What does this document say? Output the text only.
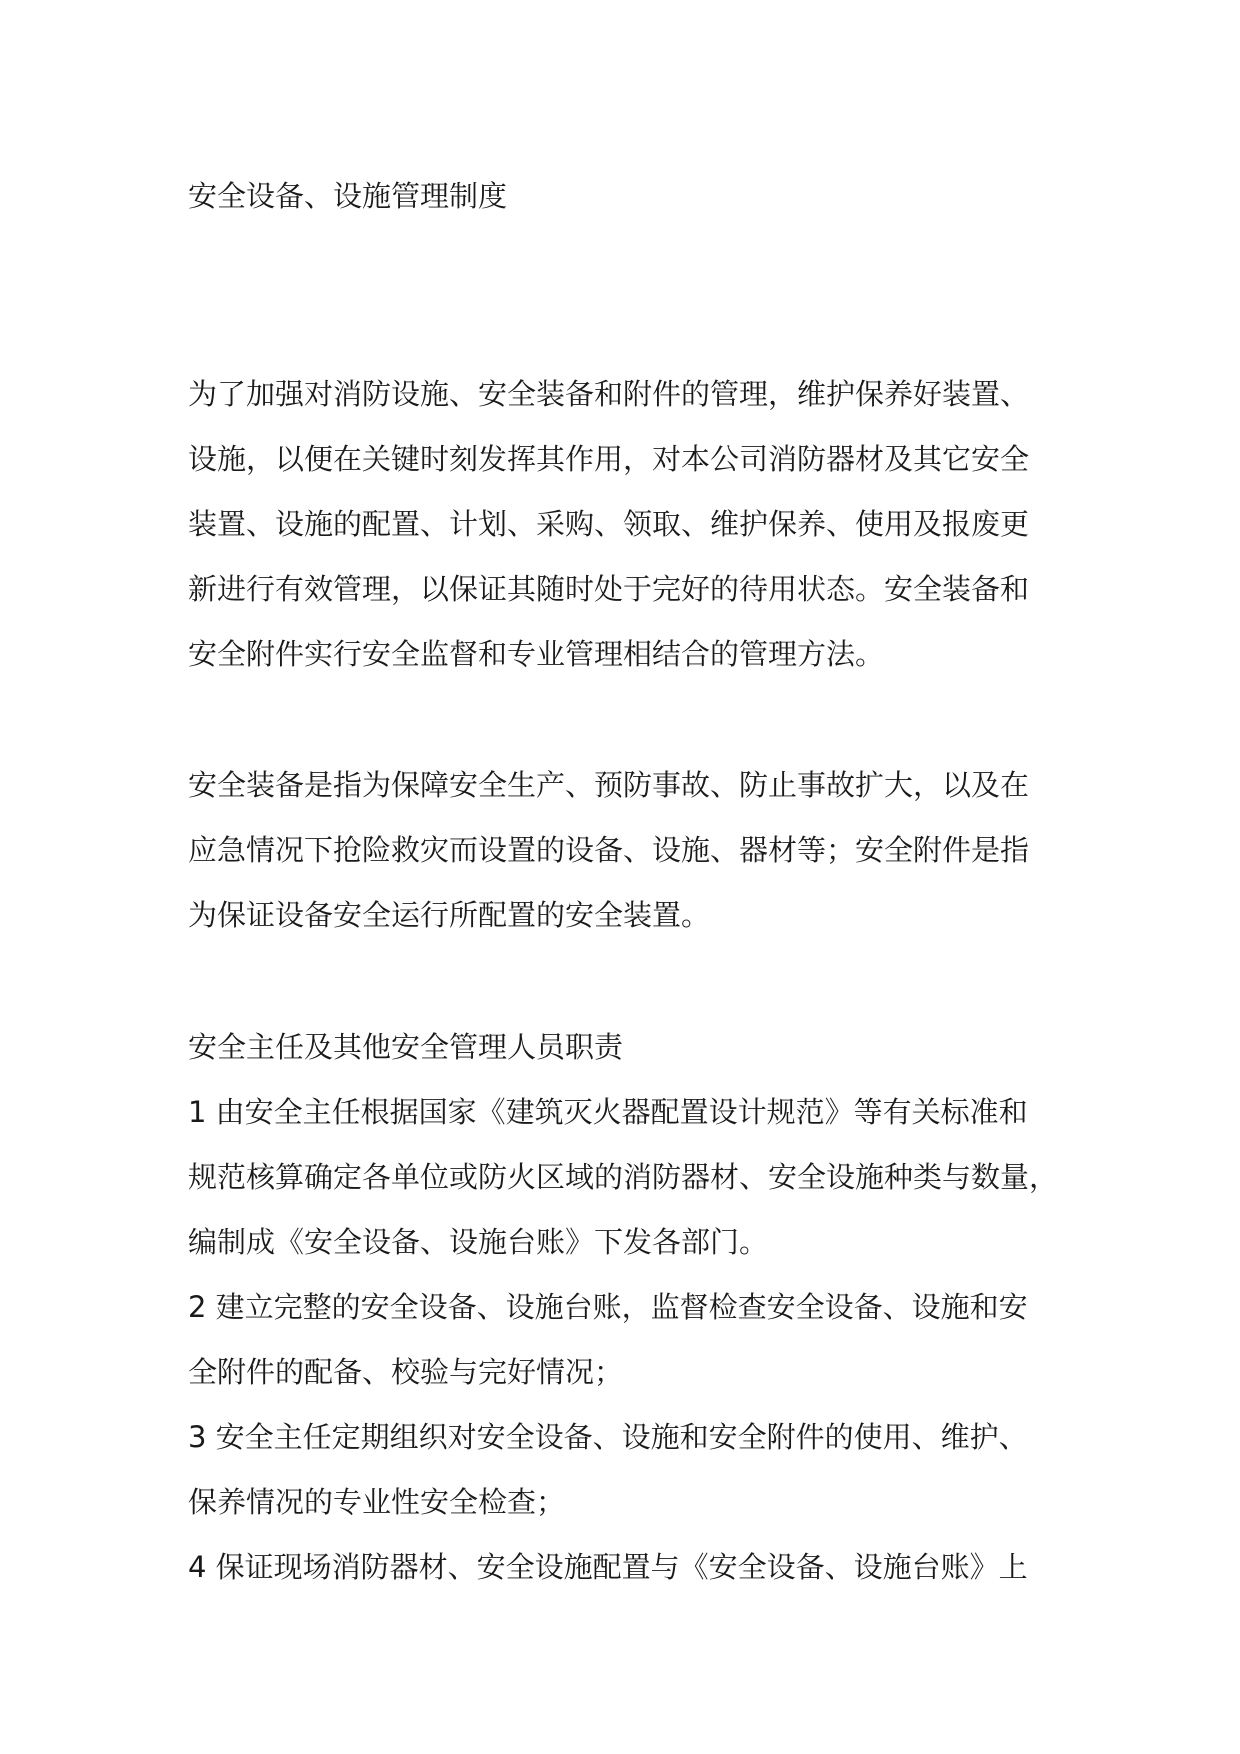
安全设备、设施管理制度
为了加强对消防设施、安全装备和附件的管理，维护保养好装置、
设施，以便在关键时刻发挥其作用，对本公司消防器材及其它安全
装置、设施的配置、计划、采购、领取、维护保养、使用及报废更
新进行有效管理，以保证其随时处于完好的待用状态。安全装备和
安全附件实行安全监督和专业管理相结合的管理方法。
安全装备是指为保障安全生产、预防事故、防止事故扩大，以及在
应急情况下抢险救灾而设置的设备、设施、器材等；安全附件是指
为保证设备安全运行所配置的安全装置。
安全主任及其他安全管理人员职责
1 由安全主任根据国家《建筑灭火器配置设计规范》等有关标准和
规范核算确定各单位或防火区域的消防器材、安全设施种类与数量，
编制成《安全设备、设施台账》下发各部门。
2 建立完整的安全设备、设施台账，监督检查安全设备、设施和安
全附件的配备、校验与完好情况；
3 安全主任定期组织对安全设备、设施和安全附件的使用、维护、
保养情况的专业性安全检查；
4 保证现场消防器材、安全设施配置与《安全设备、设施台账》上
